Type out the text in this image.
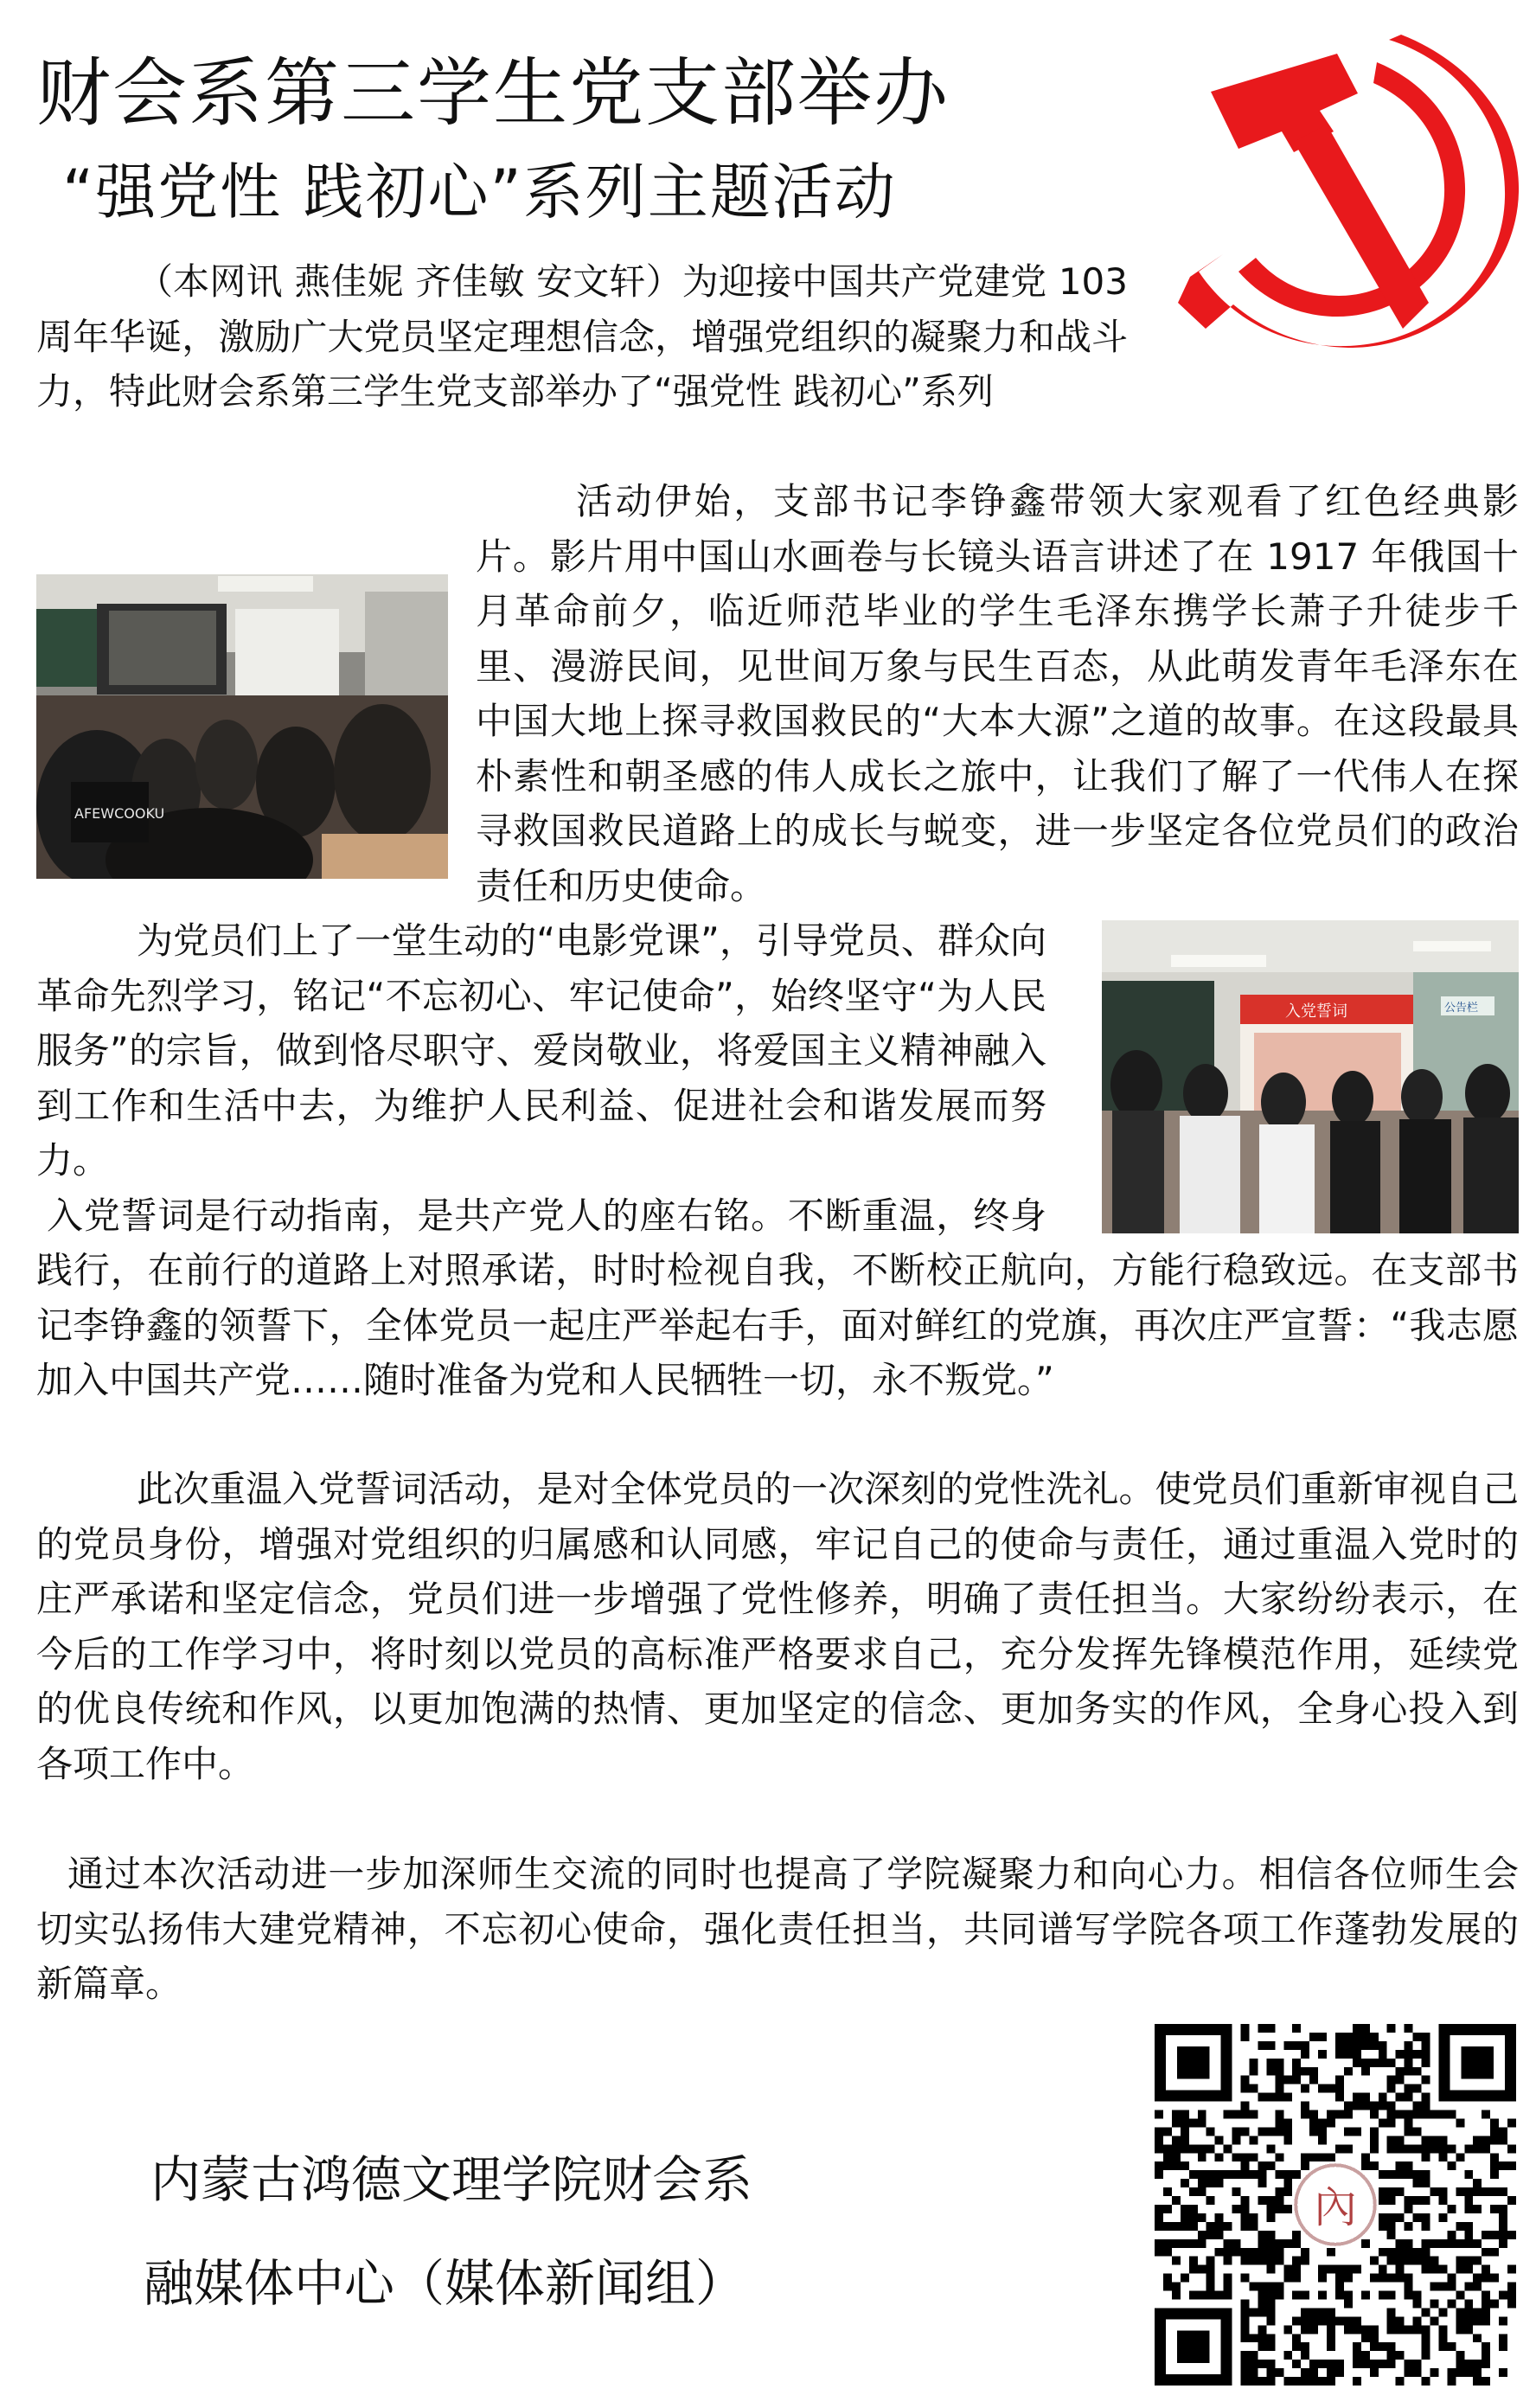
财会系第三学生党支部举办
“强党性 践初心”系列主题活动

（本网讯 燕佳妮 齐佳敏 安文轩）为迎接中国共产党建党 103 周年华诞，激励广大党员坚定理想信念，增强党组织的凝聚力和战斗力，特此财会系第三学生党支部举办了“强党性 践初心”系列

AFEWCOOKU

活动伊始，支部书记李铮鑫带领大家观看了红色经典影片。影片用中国山水画卷与长镜头语言讲述了在 1917 年俄国十月革命前夕，临近师范毕业的学生毛泽东携学长萧子升徒步千里、漫游民间，见世间万象与民生百态，从此萌发青年毛泽东在中国大地上探寻救国救民的“大本大源”之道的故事。在这段最具朴素性和朝圣感的伟人成长之旅中，让我们了解了一代伟人在探寻救国救民道路上的成长与蜕变，进一步坚定各位党员们的政治责任和历史使命。

入党誓词	公告栏

为党员们上了一堂生动的“电影党课”，引导党员、群众向革命先烈学习，铭记“不忘初心、牢记使命”，始终坚守“为人民服务”的宗旨，做到恪尽职守、爱岗敬业，将爱国主义精神融入到工作和生活中去，为维护人民利益、促进社会和谐发展而努力。

入党誓词是行动指南，是共产党人的座右铭。不断重温，终身践行，在前行的道路上对照承诺，时时检视自我，不断校正航向，方能行稳致远。在支部书记李铮鑫的领誓下，全体党员一起庄严举起右手，面对鲜红的党旗，再次庄严宣誓：“我志愿加入中国共产党……随时准备为党和人民牺牲一切，永不叛党。”

此次重温入党誓词活动，是对全体党员的一次深刻的党性洗礼。使党员们重新审视自己的党员身份，增强对党组织的归属感和认同感，牢记自己的使命与责任，通过重温入党时的庄严承诺和坚定信念，党员们进一步增强了党性修养，明确了责任担当。大家纷纷表示，在今后的工作学习中，将时刻以党员的高标准严格要求自己，充分发挥先锋模范作用，延续党的优良传统和作风，以更加饱满的热情、更加坚定的信念、更加务实的作风，全身心投入到各项工作中。

通过本次活动进一步加深师生交流的同时也提高了学院凝聚力和向心力。相信各位师生会切实弘扬伟大建党精神，不忘初心使命，强化责任担当，共同谱写学院各项工作蓬勃发展的新篇章。

内蒙古鸿德文理学院财会系
融媒体中心（媒体新闻组）
內
